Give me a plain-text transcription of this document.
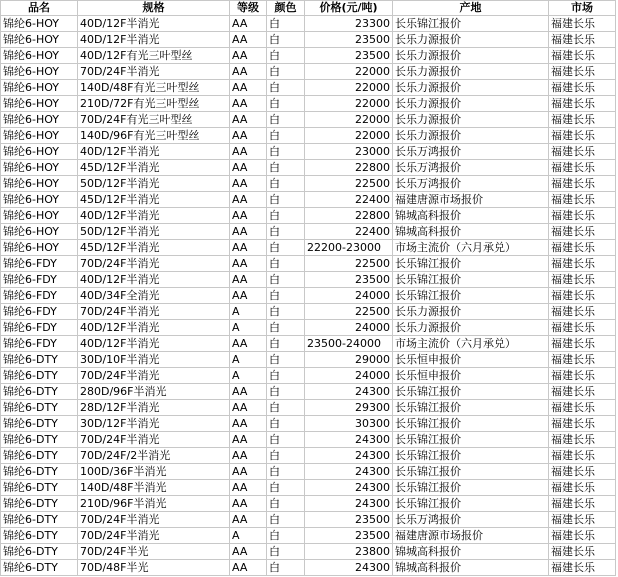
品名	规格	等级	颜色	价格(元/吨)	产地	市场
锦纶6-HOY	40D/12F半消光	AA	白	23300	长乐锦江报价	福建长乐
锦纶6-HOY	40D/12F半消光	AA	白	23500	长乐力源报价	福建长乐
锦纶6-HOY	40D/12F有光三叶型丝	AA	白	23500	长乐力源报价	福建长乐
锦纶6-HOY	70D/24F半消光	AA	白	22000	长乐力源报价	福建长乐
锦纶6-HOY	140D/48F有光三叶型丝	AA	白	22000	长乐力源报价	福建长乐
锦纶6-HOY	210D/72F有光三叶型丝	AA	白	22000	长乐力源报价	福建长乐
锦纶6-HOY	70D/24F有光三叶型丝	AA	白	22000	长乐力源报价	福建长乐
锦纶6-HOY	140D/96F有光三叶型丝	AA	白	22000	长乐力源报价	福建长乐
锦纶6-HOY	40D/12F半消光	AA	白	23000	长乐万鸿报价	福建长乐
锦纶6-HOY	45D/12F半消光	AA	白	22800	长乐万鸿报价	福建长乐
锦纶6-HOY	50D/12F半消光	AA	白	22500	长乐万鸿报价	福建长乐
锦纶6-HOY	45D/12F半消光	AA	白	22400	福建唐源市场报价	福建长乐
锦纶6-HOY	40D/12F半消光	AA	白	22800	锦城高科报价	福建长乐
锦纶6-HOY	50D/12F半消光	AA	白	22400	锦城高科报价	福建长乐
锦纶6-HOY	45D/12F半消光	AA	白	22200-23000	市场主流价（六月承兑）	福建长乐
锦纶6-FDY	70D/24F半消光	AA	白	22500	长乐锦江报价	福建长乐
锦纶6-FDY	40D/12F半消光	AA	白	23500	长乐锦江报价	福建长乐
锦纶6-FDY	40D/34F全消光	AA	白	24000	长乐锦江报价	福建长乐
锦纶6-FDY	70D/24F半消光	A	白	22500	长乐力源报价	福建长乐
锦纶6-FDY	40D/12F半消光	A	白	24000	长乐力源报价	福建长乐
锦纶6-FDY	40D/12F半消光	AA	白	23500-24000	市场主流价（六月承兑）	福建长乐
锦纶6-DTY	30D/10F半消光	A	白	29000	长乐恒申报价	福建长乐
锦纶6-DTY	70D/24F半消光	A	白	24000	长乐恒申报价	福建长乐
锦纶6-DTY	280D/96F半消光	AA	白	24300	长乐锦江报价	福建长乐
锦纶6-DTY	28D/12F半消光	AA	白	29300	长乐锦江报价	福建长乐
锦纶6-DTY	30D/12F半消光	AA	白	30300	长乐锦江报价	福建长乐
锦纶6-DTY	70D/24F半消光	AA	白	24300	长乐锦江报价	福建长乐
锦纶6-DTY	70D/24F/2半消光	AA	白	24300	长乐锦江报价	福建长乐
锦纶6-DTY	100D/36F半消光	AA	白	24300	长乐锦江报价	福建长乐
锦纶6-DTY	140D/48F半消光	AA	白	24300	长乐锦江报价	福建长乐
锦纶6-DTY	210D/96F半消光	AA	白	24300	长乐锦江报价	福建长乐
锦纶6-DTY	70D/24F半消光	AA	白	23500	长乐万鸿报价	福建长乐
锦纶6-DTY	70D/24F半消光	A	白	23500	福建唐源市场报价	福建长乐
锦纶6-DTY	70D/24F半光	AA	白	23800	锦城高科报价	福建长乐
锦纶6-DTY	70D/48F半光	AA	白	24300	锦城高科报价	福建长乐
